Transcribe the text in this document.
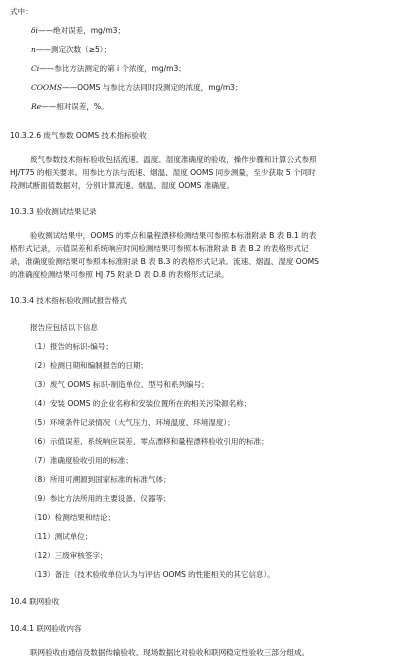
式中：

δi——绝对误差，mg/m3；

n——测定次数（≥5）；

Ci——参比方法测定的第 i 个浓度，mg/m3；

COOMS——OOMS 与参比方法同时段测定的浓度，mg/m3；

Re——相对误差，%。

10.3.2.6 废气参数 OOMS 技术指标验收

废气参数技术指标验收包括流速、温度、湿度准确度的验收，操作步骤和计算公式参照

HJ/T75 的相关要求。用参比方法与流速、烟温、湿度 OOMS 同步测量，至少获取 5 个同时

段测试断面值数据对，分别计算流速、烟温、湿度 OOMS 准确度。

10.3.3 验收测试结果记录

验收测试结果中，OOMS 的零点和量程漂移检测结果可参照本标准附录 B 表 B.1 的表

格形式记录，示值误差和系统响应时间检测结果可参照本标准附录 B 表 B.2 的表格形式记

录，准确度验测结果可参照本标准附录 B 表 B.3 的表格形式记录。流速、烟温、湿度 OOMS

的准确度检测结果可参照 HJ 75 附录 D 表 D.8 的表格形式记录。

10.3.4 技术指标验收测试报告格式

报告应包括以下信息

（1）报告的标识-编号；

（2）检测日期和编制报告的日期；

（3）废气 OOMS 标识-制造单位、型号和系列编号；

（4）安装 OOMS 的企业名称和安装位置所在的相关污染源名称；

（5）环境条件记录情况（大气压力、环境温度、环境湿度）；

（6）示值误差、系统响应误差、零点漂移和量程漂移验收引用的标准；

（7）准确度验收引用的标准；

（8）所用可溯源到国家标准的标准气体；

（9）参比方法所用的主要设备、仪器等；

（10）检测结果和结论；

（11）测试单位；

（12）三级审核签字；

（13）备注（技术验收单位认为与评估 OOMS 的性能相关的其它信息）。

10.4 联网验收

10.4.1 联网验收内容

联网验收由通信及数据传输验收、现场数据比对验收和联网稳定性验收三部分组成。
